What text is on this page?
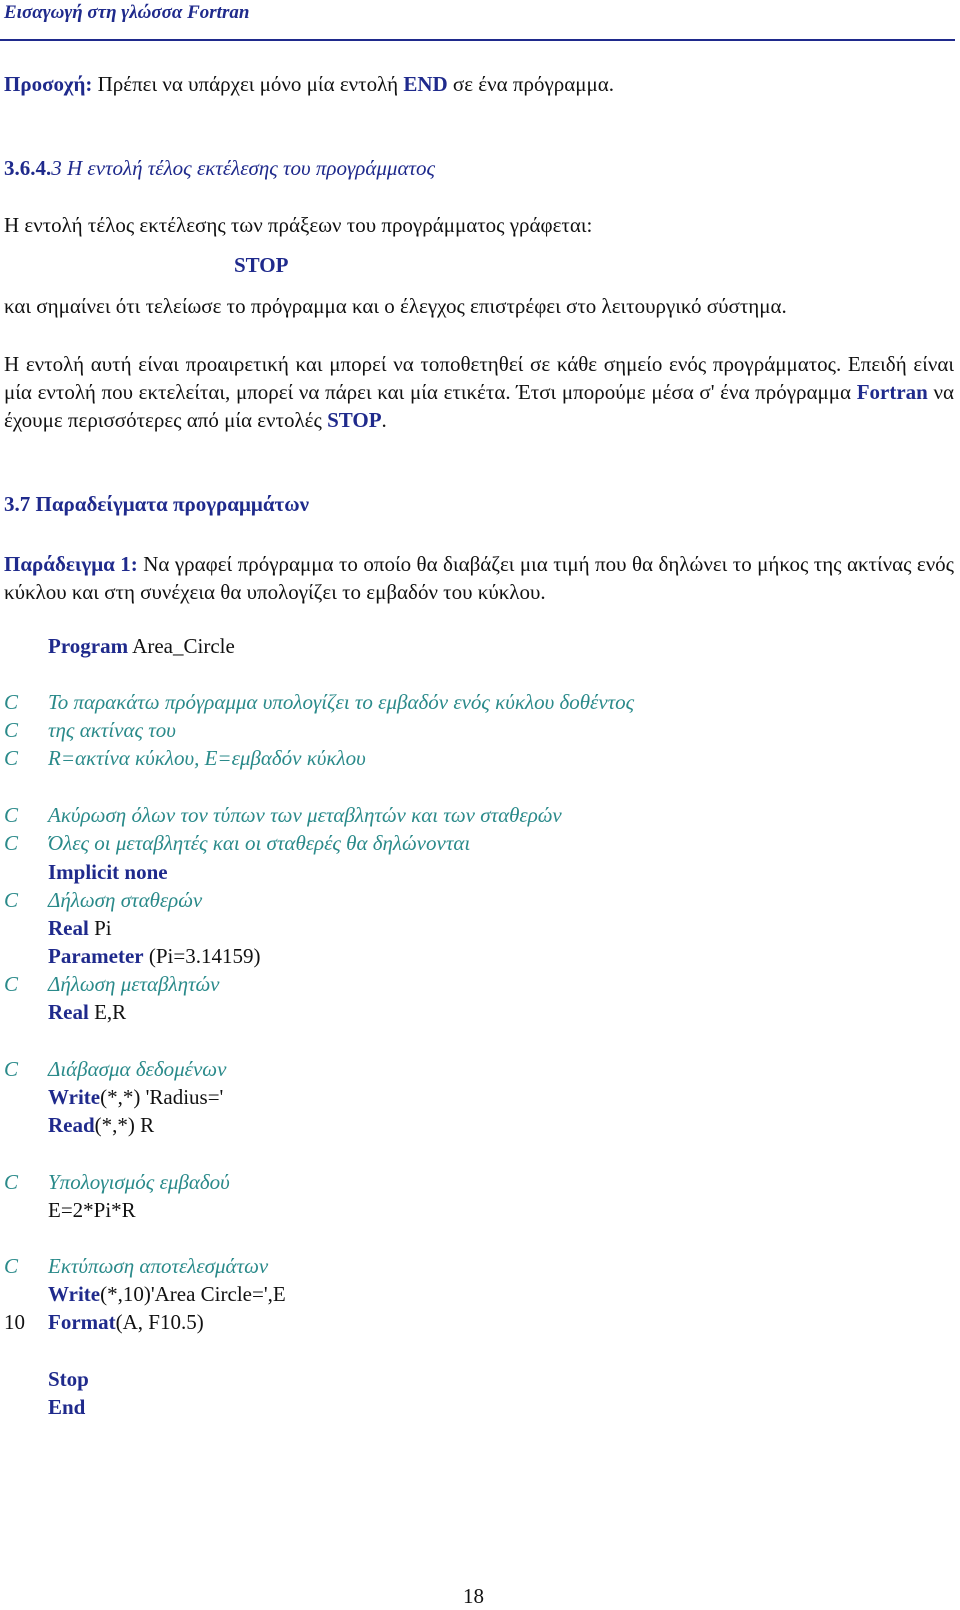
Εισαγωγή στη γλώσσα Fortran
Προσοχή: Πρέπει να υπάρχει μόνο μία εντολή END σε ένα πρόγραμμα.
3.6.4.3 Η εντολή τέλος εκτέλεσης του προγράμματος
Η εντολή τέλος εκτέλεσης των πράξεων του προγράμματος γράφεται:
STOP
και σημαίνει ότι τελείωσε το πρόγραμμα και ο έλεγχος επιστρέφει στο λειτουργικό σύστημα.
Η εντολή αυτή είναι προαιρετική και μπορεί να τοποθετηθεί σε κάθε σημείο ενός προγράμματος. Επειδή είναι μία εντολή που εκτελείται, μπορεί να πάρει και μία ετικέτα. Έτσι μπορούμε μέσα σ' ένα πρόγραμμα Fortran να έχουμε περισσότερες από μία εντολές STOP.
3.7 Παραδείγματα προγραμμάτων
Παράδειγμα 1: Να γραφεί πρόγραμμα το οποίο θα διαβάζει μια τιμή που θα δηλώνει το μήκος της ακτίνας ενός κύκλου και στη συνέχεια θα υπολογίζει το εμβαδόν του κύκλου.
Program Area_Circle
C Το παρακάτω πρόγραμμα υπολογίζει το εμβαδόν ενός κύκλου δοθέντος
C της ακτίνας του
C R=ακτίνα κύκλου, E=εμβαδόν κύκλου
C Ακύρωση όλων τον τύπων των μεταβλητών και των σταθερών
C Όλες οι μεταβλητές και οι σταθερές θα δηλώνονται
Implicit none
C Δήλωση σταθερών
Real Pi
Parameter (Pi=3.14159)
C Δήλωση μεταβλητών
Real E,R
C Διάβασμα δεδομένων
Write(*,*) 'Radius='
Read(*,*) R
C Υπολογισμός εμβαδού
E=2*Pi*R
C Εκτύπωση αποτελεσμάτων
Write(*,10)'Area Circle=',E
10 Format(A, F10.5)
Stop
End
18
